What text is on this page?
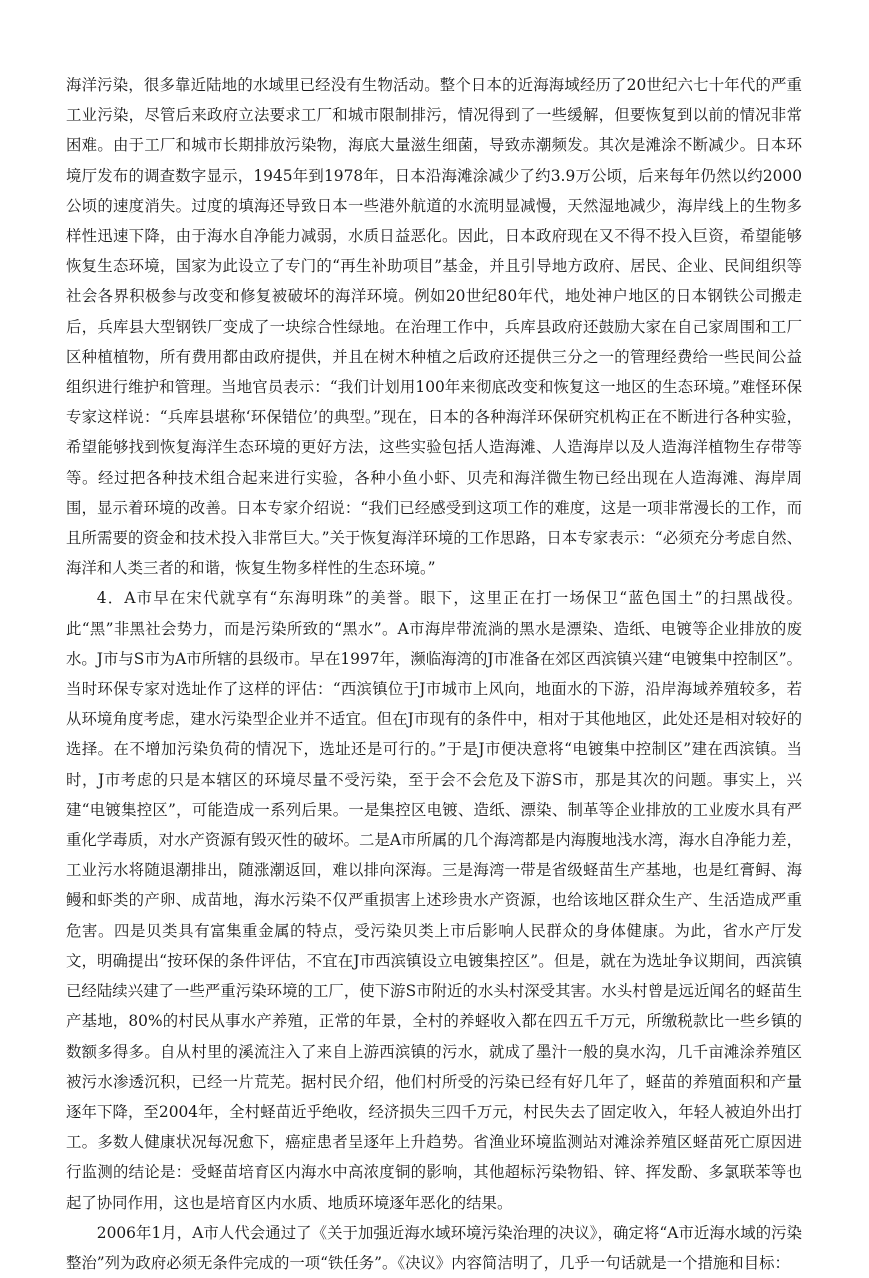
海洋污染，很多靠近陆地的水域里已经没有生物活动。整个日本的近海海域经历了20世纪六七十年代的严重工业污染，尽管后来政府立法要求工厂和城市限制排污，情况得到了一些缓解，但要恢复到以前的情况非常困难。由于工厂和城市长期排放污染物，海底大量滋生细菌，导致赤潮频发。其次是滩涂不断减少。日本环境厅发布的调查数字显示，1945年到1978年，日本沿海滩涂减少了约3.9万公顷，后来每年仍然以约2000公顷的速度消失。过度的填海还导致日本一些港外航道的水流明显减慢，天然湿地减少，海岸线上的生物多样性迅速下降，由于海水自净能力减弱，水质日益恶化。因此，日本政府现在又不得不投入巨资，希望能够恢复生态环境，国家为此设立了专门的“再生补助项目”基金，并且引导地方政府、居民、企业、民间组织等社会各界积极参与改变和修复被破坏的海洋环境。例如20世纪80年代，地处神户地区的日本钢铁公司搬走后，兵库县大型钢铁厂变成了一块综合性绿地。在治理工作中，兵库县政府还鼓励大家在自己家周围和工厂区种植植物，所有费用都由政府提供，并且在树木种植之后政府还提供三分之一的管理经费给一些民间公益组织进行维护和管理。当地官员表示：“我们计划用100年来彻底改变和恢复这一地区的生态环境。”难怪环保专家这样说：“兵库县堪称‘环保错位’的典型。”现在，日本的各种海洋环保研究机构正在不断进行各种实验，希望能够找到恢复海洋生态环境的更好方法，这些实验包括人造海滩、人造海岸以及人造海洋植物生存带等等。经过把各种技术组合起来进行实验，各种小鱼小虾、贝壳和海洋微生物已经出现在人造海滩、海岸周围，显示着环境的改善。日本专家介绍说：“我们已经感受到这项工作的难度，这是一项非常漫长的工作，而且所需要的资金和技术投入非常巨大。”关于恢复海洋环境的工作思路，日本专家表示：“必须充分考虑自然、海洋和人类三者的和谐，恢复生物多样性的生态环境。”

4．A市早在宋代就享有“东海明珠”的美誉。眼下，这里正在打一场保卫“蓝色国土”的扫黑战役。此“黑”非黑社会势力，而是污染所致的“黑水”。A市海岸带流淌的黑水是漂染、造纸、电镀等企业排放的废水。J市与S市为A市所辖的县级市。早在1997年，濒临海湾的J市准备在郊区西滨镇兴建“电镀集中控制区”。当时环保专家对选址作了这样的评估：“西滨镇位于J市城市上风向，地面水的下游，沿岸海域养殖较多，若从环境角度考虑，建水污染型企业并不适宜。但在J市现有的条件中，相对于其他地区，此处还是相对较好的选择。在不增加污染负荷的情况下，选址还是可行的。”于是J市便决意将“电镀集中控制区”建在西滨镇。当时，J市考虑的只是本辖区的环境尽量不受污染，至于会不会危及下游S市，那是其次的问题。事实上，兴建“电镀集控区”，可能造成一系列后果。一是集控区电镀、造纸、漂染、制革等企业排放的工业废水具有严重化学毒质，对水产资源有毁灭性的破坏。二是A市所属的几个海湾都是内海腹地浅水湾，海水自净能力差，工业污水将随退潮排出，随涨潮返回，难以排向深海。三是海湾一带是省级蛏苗生产基地，也是红膏鲟、海鳗和虾类的产卵、成苗地，海水污染不仅严重损害上述珍贵水产资源，也给该地区群众生产、生活造成严重危害。四是贝类具有富集重金属的特点，受污染贝类上市后影响人民群众的身体健康。为此，省水产厅发文，明确提出“按环保的条件评估，不宜在J市西滨镇设立电镀集控区”。但是，就在为选址争议期间，西滨镇已经陆续兴建了一些严重污染环境的工厂，使下游S市附近的水头村深受其害。水头村曾是远近闻名的蛏苗生产基地，80%的村民从事水产养殖，正常的年景，全村的养蛏收入都在四五千万元，所缴税款比一些乡镇的数额多得多。自从村里的溪流注入了来自上游西滨镇的污水，就成了墨汁一般的臭水沟，几千亩滩涂养殖区被污水渗透沉积，已经一片荒芜。据村民介绍，他们村所受的污染已经有好几年了，蛏苗的养殖面积和产量逐年下降，至2004年，全村蛏苗近乎绝收，经济损失三四千万元，村民失去了固定收入，年轻人被迫外出打工。多数人健康状况每况愈下，癌症患者呈逐年上升趋势。省渔业环境监测站对滩涂养殖区蛏苗死亡原因进行监测的结论是：受蛏苗培育区内海水中高浓度铜的影响，其他超标污染物铅、锌、挥发酚、多氯联苯等也起了协同作用，这也是培育区内水质、地质环境逐年恶化的结果。

2006年1月，A市人代会通过了《关于加强近海水域环境污染治理的决议》，确定将“A市近海水域的污染整治”列为政府必须无条件完成的一项“铁任务”。《决议》内容简洁明了，几乎一句话就是一个措施和目标：
